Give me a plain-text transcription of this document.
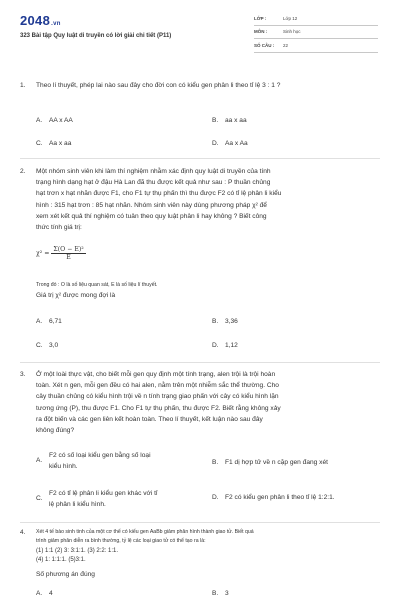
2048.vn
323 Bài tập Quy luật di truyền có lời giải chi tiết (P11)
LỚP :	Lớp 12
MÔN :	Sinh học
SỐ CÂU : 22
1.	Theo lí thuyết, phép lai nào sau đây cho đời con có kiểu gen phân li theo tỉ lệ 3 : 1 ?
A. AA x AA	B. aa x aa
C. Aa x aa	D. Aa x Aa
2.	Một nhóm sinh viên khi làm thí nghiệm nhằm xác định quy luật di truyền của tính
trạng hình dạng hạt ở đậu Hà Lan đã thu được kết quả như sau : P thuần chủng
hạt trơn x hạt nhăn được F1, cho F1 tự thụ phấn thì thu được F2 có tỉ lệ phân li kiểu
hình : 315 hạt trơn : 85 hạt nhăn. Nhóm sinh viên này dùng phương pháp χ² để
xem xét kết quả thí nghiệm có tuân theo quy luật phân li hay không ? Biết công
thức tính giá trị:
$\chi^2 = \frac{\text{Σ(O − E)²}}{E}$
Trong đó : O là số liệu quan sát, E là số liệu lí thuyết.
Giá trị χ² được mong đợi là
A. 6,71	B. 3,36
C. 3,0	D. 1,12
3.	Ở một loài thực vật, cho biết mỗi gen quy định một tính trạng, alen trội là trội hoàn
toàn. Xét n gen, mỗi gen đều có hai alen, nằm trên một nhiễm sắc thể thường. Cho
cây thuần chủng có kiểu hình trội về n tính trạng giao phấn với cây có kiểu hình lặn
tương ứng (P), thu được F1. Cho F1 tự thụ phấn, thu được F2. Biết rằng không xảy
ra đột biến và các gen liên kết hoàn toàn. Theo lí thuyết, kết luận nào sau đây
không đúng?
A.
F2 có số loại kiểu gen bằng số loại
kiểu hình.
B. F1 dị hợp tử về n cặp gen đang xét
C.
F2 có tỉ lệ phân li kiểu gen khác với tỉ
lệ phân li kiểu hình.
D. F2 có kiểu gen phân li theo tỉ lệ 1:2:1.
4.	Xét 4 tế bào sinh tinh của một cơ thể có kiểu gen AaBb giảm phân hình thành giao tử. Biết quá
trình giảm phân diễn ra bình thường, tỷ lệ các loại giao tử có thể tạo ra là:
(1) 1:1 (2) 3: 3:1:1. (3) 2:2: 1:1.
(4) 1: 1:1:1. (5)3:1.
Số phương án đúng
A. 4	B. 3
